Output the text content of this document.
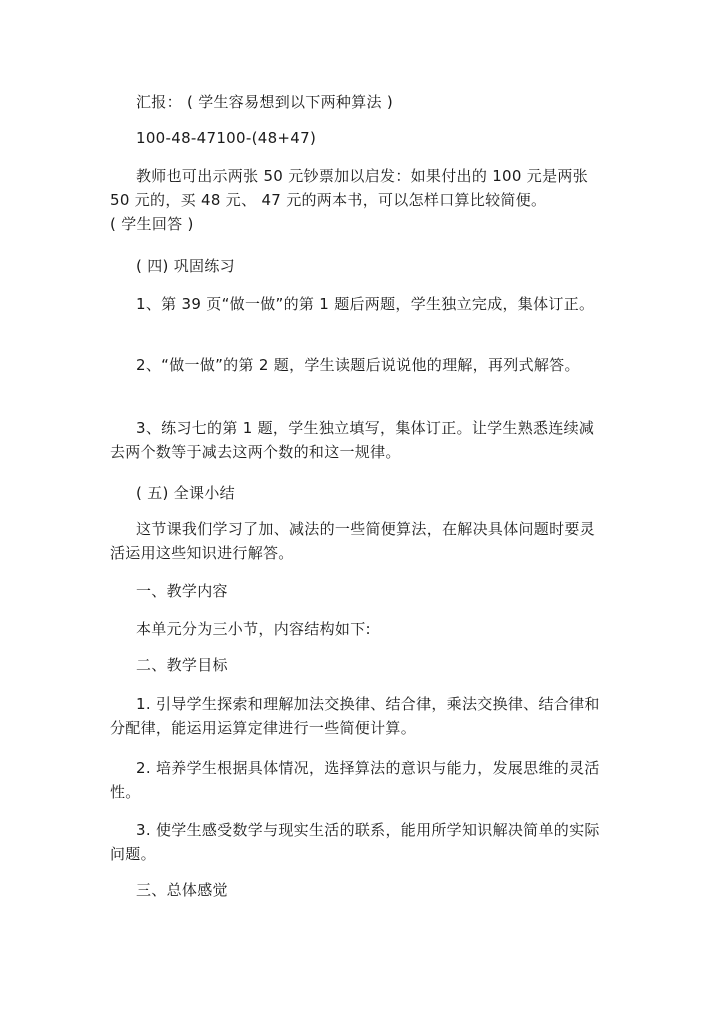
汇报： ( 学生容易想到以下两种算法 )

100-48-47100-(48+47)

教师也可出示两张 50 元钞票加以启发：如果付出的 100 元是两张 50 元的，买 48 元、 47 元的两本书，可以怎样口算比较简便。

( 学生回答 )

( 四) 巩固练习

1、第 39 页“做一做”的第 1 题后两题，学生独立完成，集体订正。

2、“做一做”的第 2 题，学生读题后说说他的理解，再列式解答。

3、练习七的第 1 题，学生独立填写，集体订正。让学生熟悉连续减去两个数等于减去这两个数的和这一规律。

( 五) 全课小结

这节课我们学习了加、减法的一些简便算法，在解决具体问题时要灵活运用这些知识进行解答。

一、教学内容

本单元分为三小节，内容结构如下:

二、教学目标

1. 引导学生探索和理解加法交换律、结合律，乘法交换律、结合律和分配律，能运用运算定律进行一些简便计算。

2. 培养学生根据具体情况，选择算法的意识与能力，发展思维的灵活性。

3. 使学生感受数学与现实生活的联系，能用所学知识解决简单的实际问题。

三、总体感觉
